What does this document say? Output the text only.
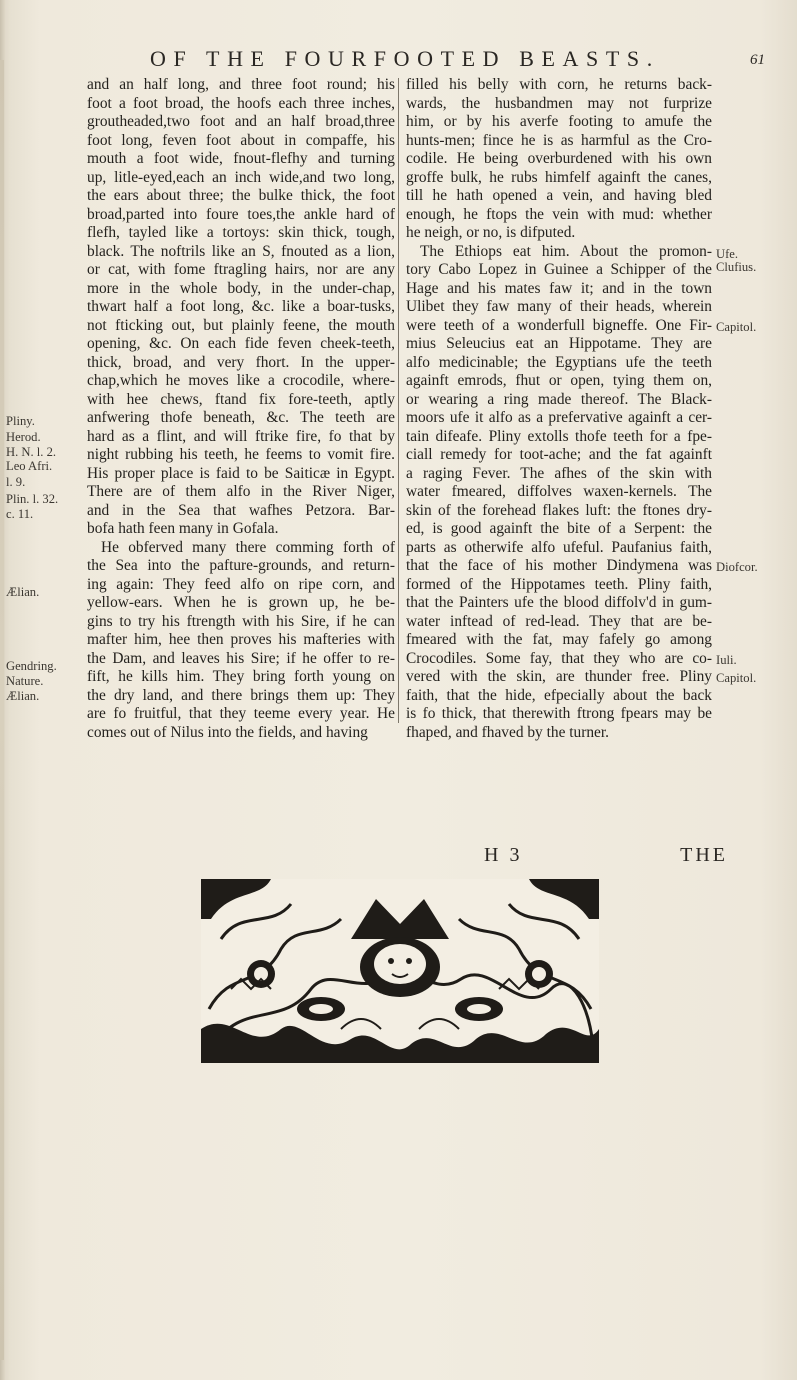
OF THE FOURFOOTED BEASTS.	61
and an half long, and three foot round; his
foot a foot broad, the hoofs each three inches,
groutheaded,two foot and an half broad,three
foot long, feven foot about in compaffe, his
mouth a foot wide, fnout-flefhy and turning
up, litle-eyed,each an inch wide,and two long,
the ears about three; the bulke thick, the foot
broad,parted into foure toes,the ankle hard of
flefh, tayled like a tortoys: skin thick, tough,
black. The noftrils like an S, fnouted as a lion,
or cat, with fome ftragling hairs, nor are any
more in the whole body, in the under-chap,
thwart half a foot long, &c. like a boar-tusks,
not fticking out, but plainly feene, the mouth
opening, &c. On each fide feven cheek-teeth,
thick, broad, and very fhort. In the upper-
chap,which he moves like a crocodile, where-
with hee chews, ftand fix fore-teeth, aptly
anfwering thofe beneath, &c. The teeth are
hard as a flint, and will ftrike fire, fo that by
night rubbing his teeth, he feems to vomit fire.
His proper place is faid to be Saiticæ in Egypt.
There are of them alfo in the River Niger,
and in the Sea that wafhes Petzora. Bar-
bofa hath feen many in Gofala.
He obferved many there comming forth of
the Sea into the pafture-grounds, and return-
ing again: They feed alfo on ripe corn, and
yellow-ears. When he is grown up, he be-
gins to try his ftrength with his Sire, if he can
mafter him, hee then proves his mafteries with
the Dam, and leaves his Sire; if he offer to re-
fift, he kills him. They bring forth young on
the dry land, and there brings them up: They
are fo fruitful, that they teeme every year. He
comes out of Nilus into the fields, and having
filled his belly with corn, he returns back-
wards, the husbandmen may not furprize
him, or by his averfe footing to amufe the
hunts-men; fince he is as harmful as the Cro-
codile. He being overburdened with his own
groffe bulk, he rubs himfelf againft the canes,
till he hath opened a vein, and having bled
enough, he ftops the vein with mud: whether
he neigh, or no, is difputed.
The Ethiops eat him. About the promon-
tory Cabo Lopez in Guinee a Schipper of the
Hage and his mates faw it; and in the town
Ulibet they faw many of their heads, wherein
were teeth of a wonderfull bigneffe. One Fir-
mius Seleucius eat an Hippotame. They are
alfo medicinable; the Egyptians ufe the teeth
againft emrods, fhut or open, tying them on,
or wearing a ring made thereof. The Black-
moors ufe it alfo as a prefervative againft a cer-
tain difeafe. Pliny extolls thofe teeth for a fpe-
ciall remedy for toot-ache; and the fat againft
a raging Fever. The afhes of the skin with
water fmeared, diffolves waxen-kernels. The
skin of the forehead flakes luft: the ftones dry-
ed, is good againft the bite of a Serpent: the
parts as otherwife alfo ufeful. Paufanius faith,
that the face of his mother Dindymena was
formed of the Hippotames teeth. Pliny faith,
that the Painters ufe the blood diffolv'd in gum-
water inftead of red-lead. They that are be-
fmeared with the fat, may fafely go among
Crocodiles. Some fay, that they who are co-
vered with the skin, are thunder free. Pliny
faith, that the hide, efpecially about the back
is fo thick, that therewith ftrong fpears may be
fhaped, and fhaved by the turner.
Pliny.
Herod.
H. N. l. 2.
Leo Afri.
l. 9.
Plin. l. 32.
c. 11.
Ælian.
Gendring.
Nature.
Ælian.
Ufe.
Clufius.
Capitol.
Diofcor.
Iuli.
Capitol.
H 3	THE
